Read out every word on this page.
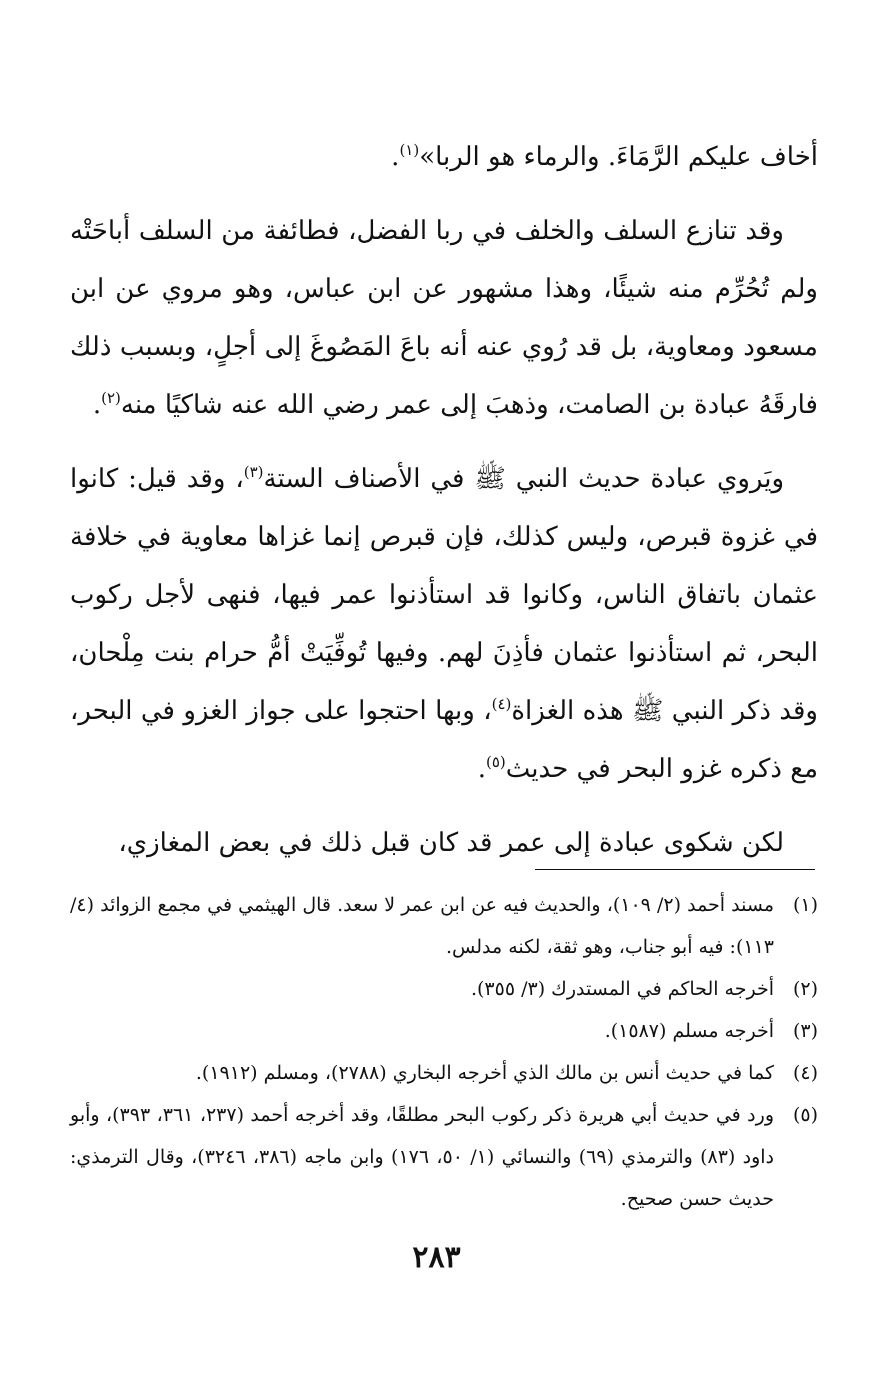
أخاف عليكم الرَّمَاءَ. والرماء هو الربا»$^{(١)}$.

وقد تنازع السلف والخلف في ربا الفضل، فطائفة من السلف أباحَتْه ولم تُحُرِّم منه شيئًا، وهذا مشهور عن ابن عباس، وهو مروي عن ابن مسعود ومعاوية، بل قد رُوي عنه أنه باعَ المَصُوغَ إلى أجلٍ، وبسبب ذلك فارقَهُ عبادة بن الصامت، وذهبَ إلى عمر رضي الله عنه شاكيًا منه$^{(٢)}$.

ويَروي عبادة حديث النبي ﷺ في الأصناف الستة$^{(٣)}$، وقد قيل: كانوا في غزوة قبرص، وليس كذلك، فإن قبرص إنما غزاها معاوية في خلافة عثمان باتفاق الناس، وكانوا قد استأذنوا عمر فيها، فنهى لأجل ركوب البحر، ثم استأذنوا عثمان فأذِنَ لهم. وفيها تُوفِّيَتْ أمُّ حرام بنت مِلْحان، وقد ذكر النبي ﷺ هذه الغزاة$^{(٤)}$، وبها احتجوا على جواز الغزو في البحر، مع ذكره غزو البحر في حديث$^{(٥)}$.

لكن شكوى عبادة إلى عمر قد كان قبل ذلك في بعض المغازي،

(١)
مسند أحمد (٢/ ١٠٩)، والحديث فيه عن ابن عمر لا سعد. قال الهيثمي في مجمع الزوائد (٤/ ١١٣): فيه أبو جناب، وهو ثقة، لكنه مدلس.
(٢)
أخرجه الحاكم في المستدرك (٣/ ٣٥٥).
(٣)
أخرجه مسلم (١٥٨٧).
(٤)
كما في حديث أنس بن مالك الذي أخرجه البخاري (٢٧٨٨)، ومسلم (١٩١٢).
(٥)
ورد في حديث أبي هريرة ذكر ركوب البحر مطلقًا، وقد أخرجه أحمد (٢٣٧، ٣٦١، ٣٩٣)، وأبو داود (٨٣) والترمذي (٦٩) والنسائي (١/ ٥٠، ١٧٦) وابن ماجه (٣٨٦، ٣٢٤٦)، وقال الترمذي: حديث حسن صحيح.
٢٨٣
